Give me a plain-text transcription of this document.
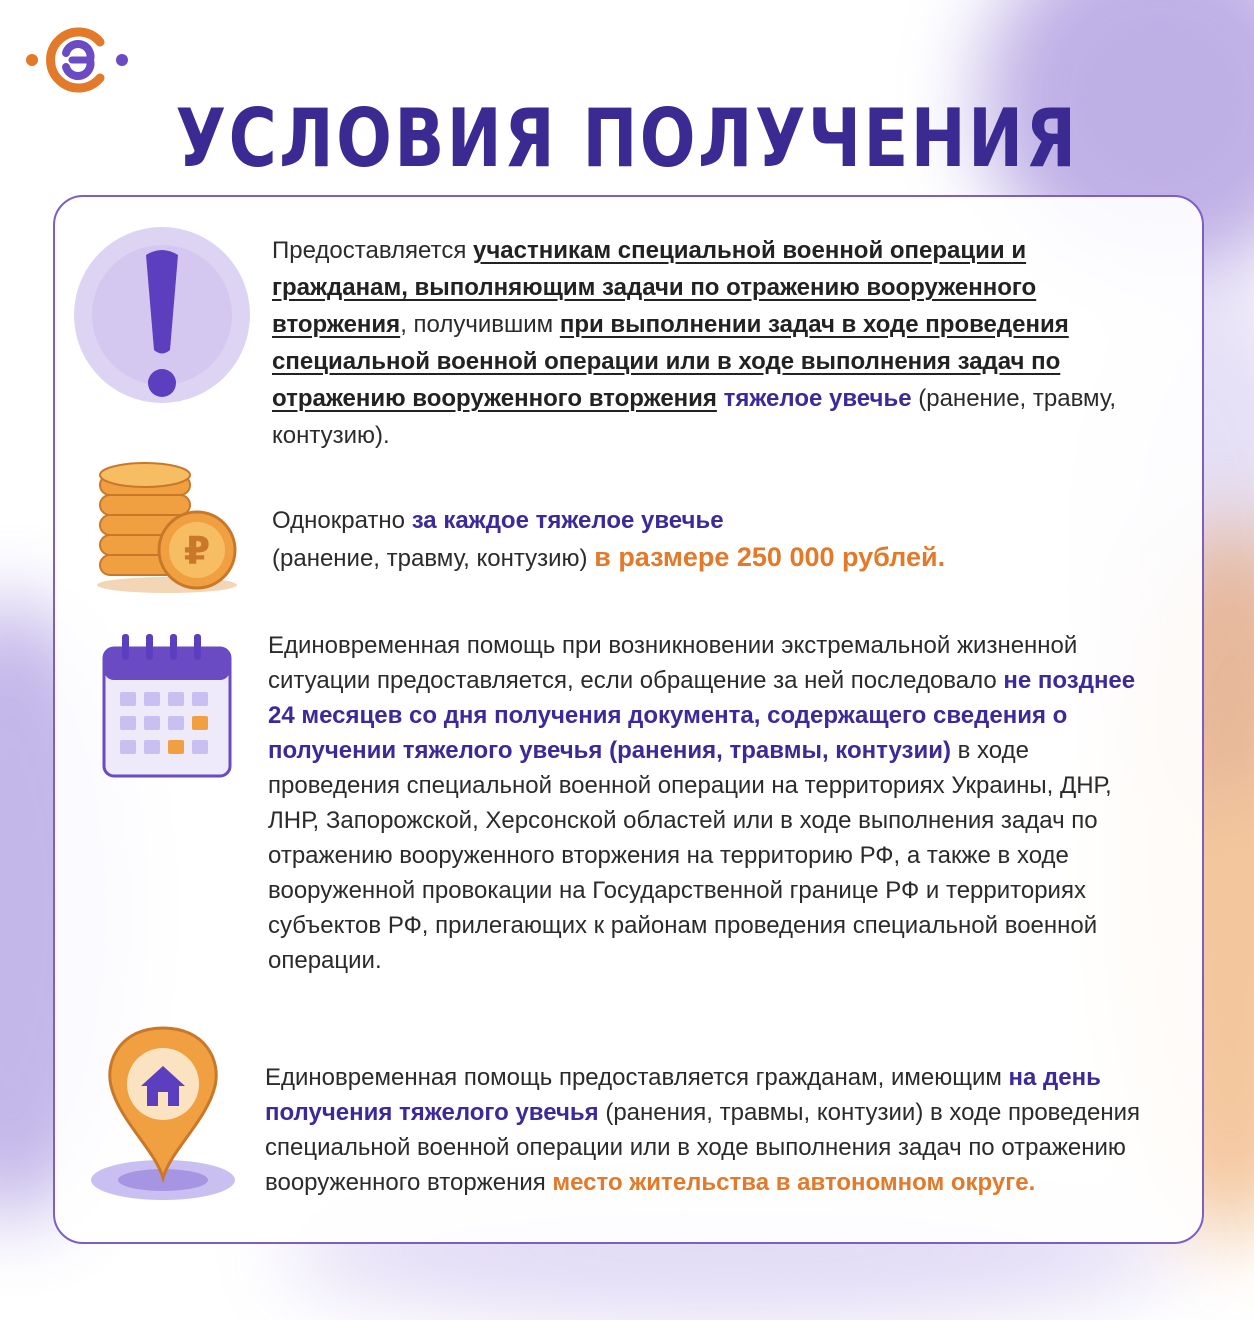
УСЛОВИЯ ПОЛУЧЕНИЯ

Предоставляется участникам специальной военной операции и гражданам, выполняющим задачи по отражению вооруженного вторжения, получившим при выполнении задач в ходе проведения специальной военной операции или в ходе выполнения задач по отражению вооруженного вторжения тяжелое увечье (ранение, травму, контузию).

₽

Однократно за каждое тяжелое увечье

(ранение, травму, контузию) в размере 250 000 рублей.

Единовременная помощь при возникновении экстремальной жизненной ситуации предоставляется, если обращение за ней последовало не позднее 24 месяцев со дня получения документа, содержащего сведения о получении тяжелого увечья (ранения, травмы, контузии) в ходе проведения специальной военной операции на территориях Украины, ДНР, ЛНР, Запорожской, Херсонской областей или в ходе выполнения задач по отражению вооруженного вторжения на территорию РФ, а также в ходе вооруженной провокации на Государственной границе РФ и территориях субъектов РФ, прилегающих к районам проведения специальной военной операции.

Единовременная помощь предоставляется гражданам, имеющим на день получения тяжелого увечья (ранения, травмы, контузии) в ходе проведения специальной военной операции или в ходе выполнения задач по отражению вооруженного вторжения место жительства в автономном округе.
